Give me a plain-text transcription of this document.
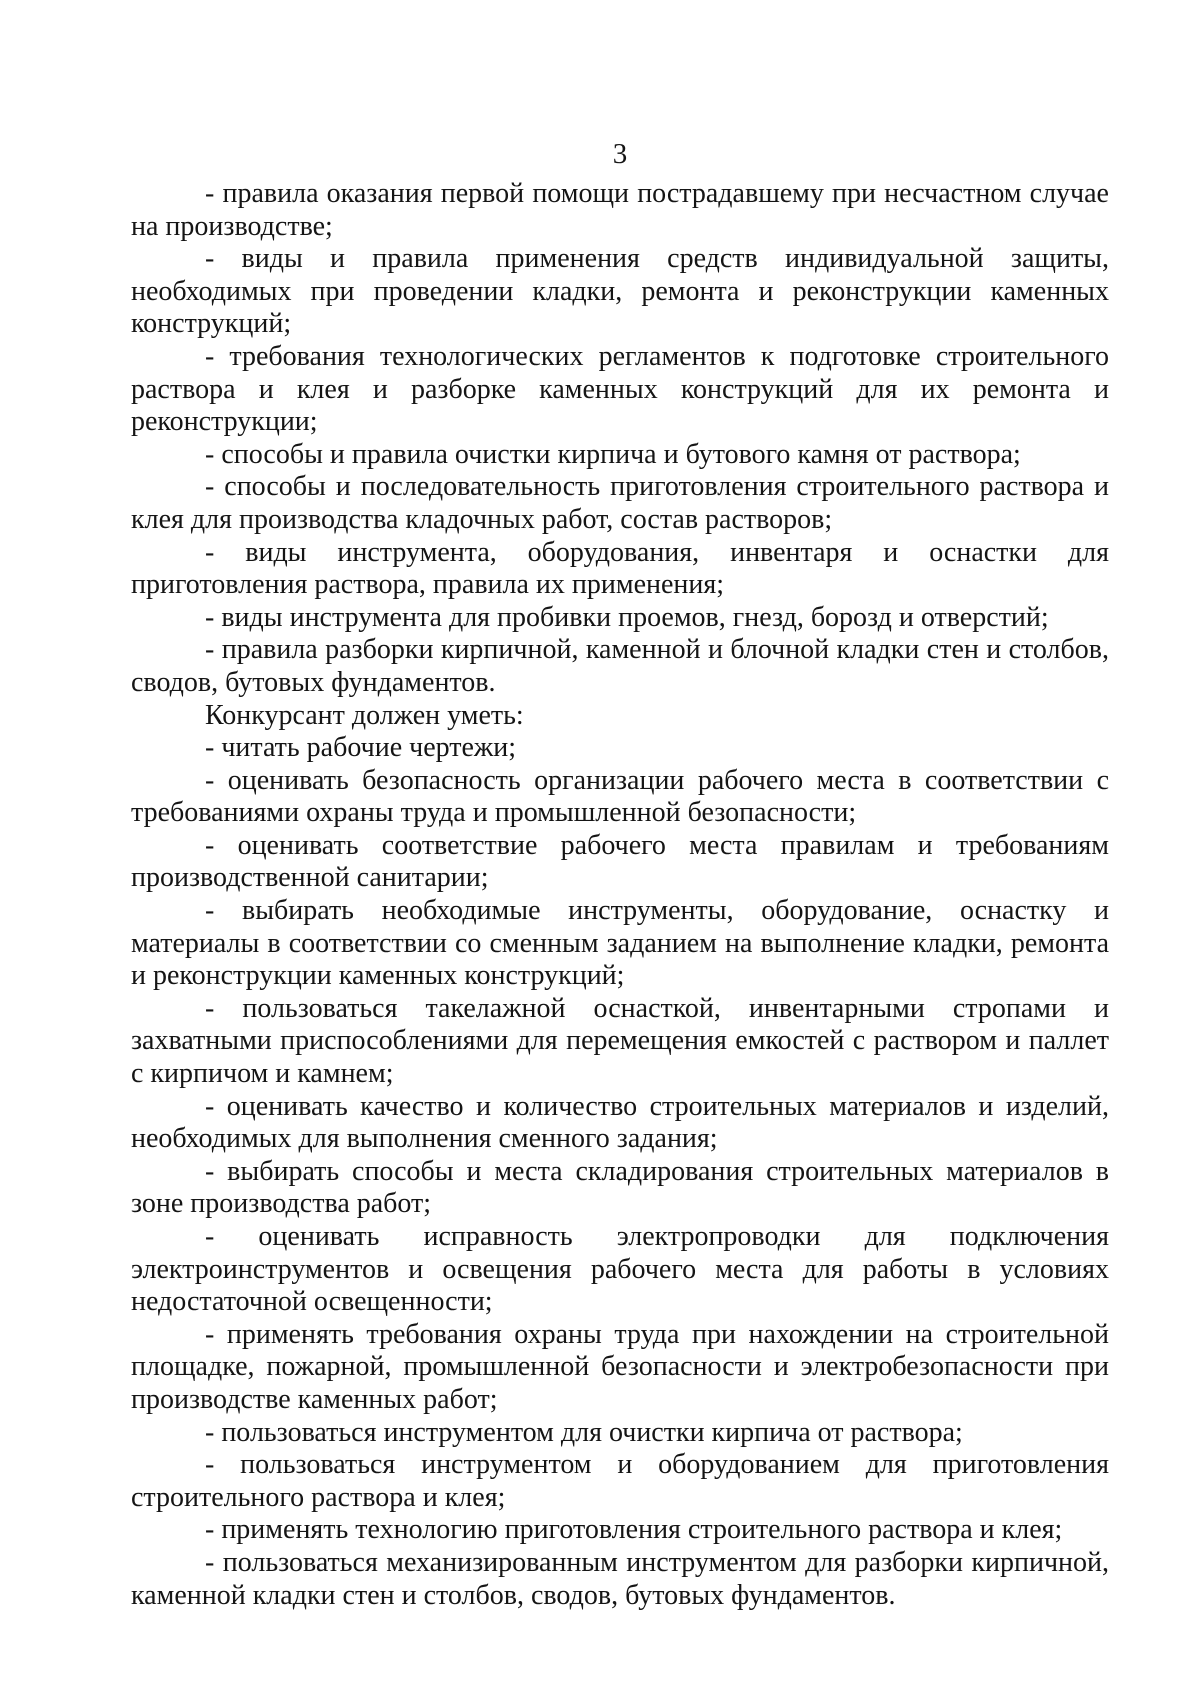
3

- правила оказания первой помощи пострадавшему при несчастном случае на производстве;

- виды и правила применения средств индивидуальной защиты, необходимых при проведении кладки, ремонта и реконструкции каменных конструкций;

- требования технологических регламентов к подготовке строительного раствора и клея и разборке каменных конструкций для их ремонта и реконструкции;

- способы и правила очистки кирпича и бутового камня от раствора;

- способы и последовательность приготовления строительного раствора и клея для производства кладочных работ, состав растворов;

- виды инструмента, оборудования, инвентаря и оснастки для приготовления раствора, правила их применения;

- виды инструмента для пробивки проемов, гнезд, борозд и отверстий;

- правила разборки кирпичной, каменной и блочной кладки стен и столбов, сводов, бутовых фундаментов.

Конкурсант должен уметь:

- читать рабочие чертежи;

- оценивать безопасность организации рабочего места в соответствии с требованиями охраны труда и промышленной безопасности;

- оценивать соответствие рабочего места правилам и требованиям производственной санитарии;

- выбирать необходимые инструменты, оборудование, оснастку и материалы в соответствии со сменным заданием на выполнение кладки, ремонта и реконструкции каменных конструкций;

- пользоваться такелажной оснасткой, инвентарными стропами и захватными приспособлениями для перемещения емкостей с раствором и паллет с кирпичом и камнем;

- оценивать качество и количество строительных материалов и изделий, необходимых для выполнения сменного задания;

- выбирать способы и места складирования строительных материалов в зоне производства работ;

- оценивать исправность электропроводки для подключения электроинструментов и освещения рабочего места для работы в условиях недостаточной освещенности;

- применять требования охраны труда при нахождении на строительной площадке, пожарной, промышленной безопасности и электробезопасности при производстве каменных работ;

- пользоваться инструментом для очистки кирпича от раствора;

- пользоваться инструментом и оборудованием для приготовления строительного раствора и клея;

- применять технологию приготовления строительного раствора и клея;

- пользоваться механизированным инструментом для разборки кирпичной, каменной кладки стен и столбов, сводов, бутовых фундаментов.
